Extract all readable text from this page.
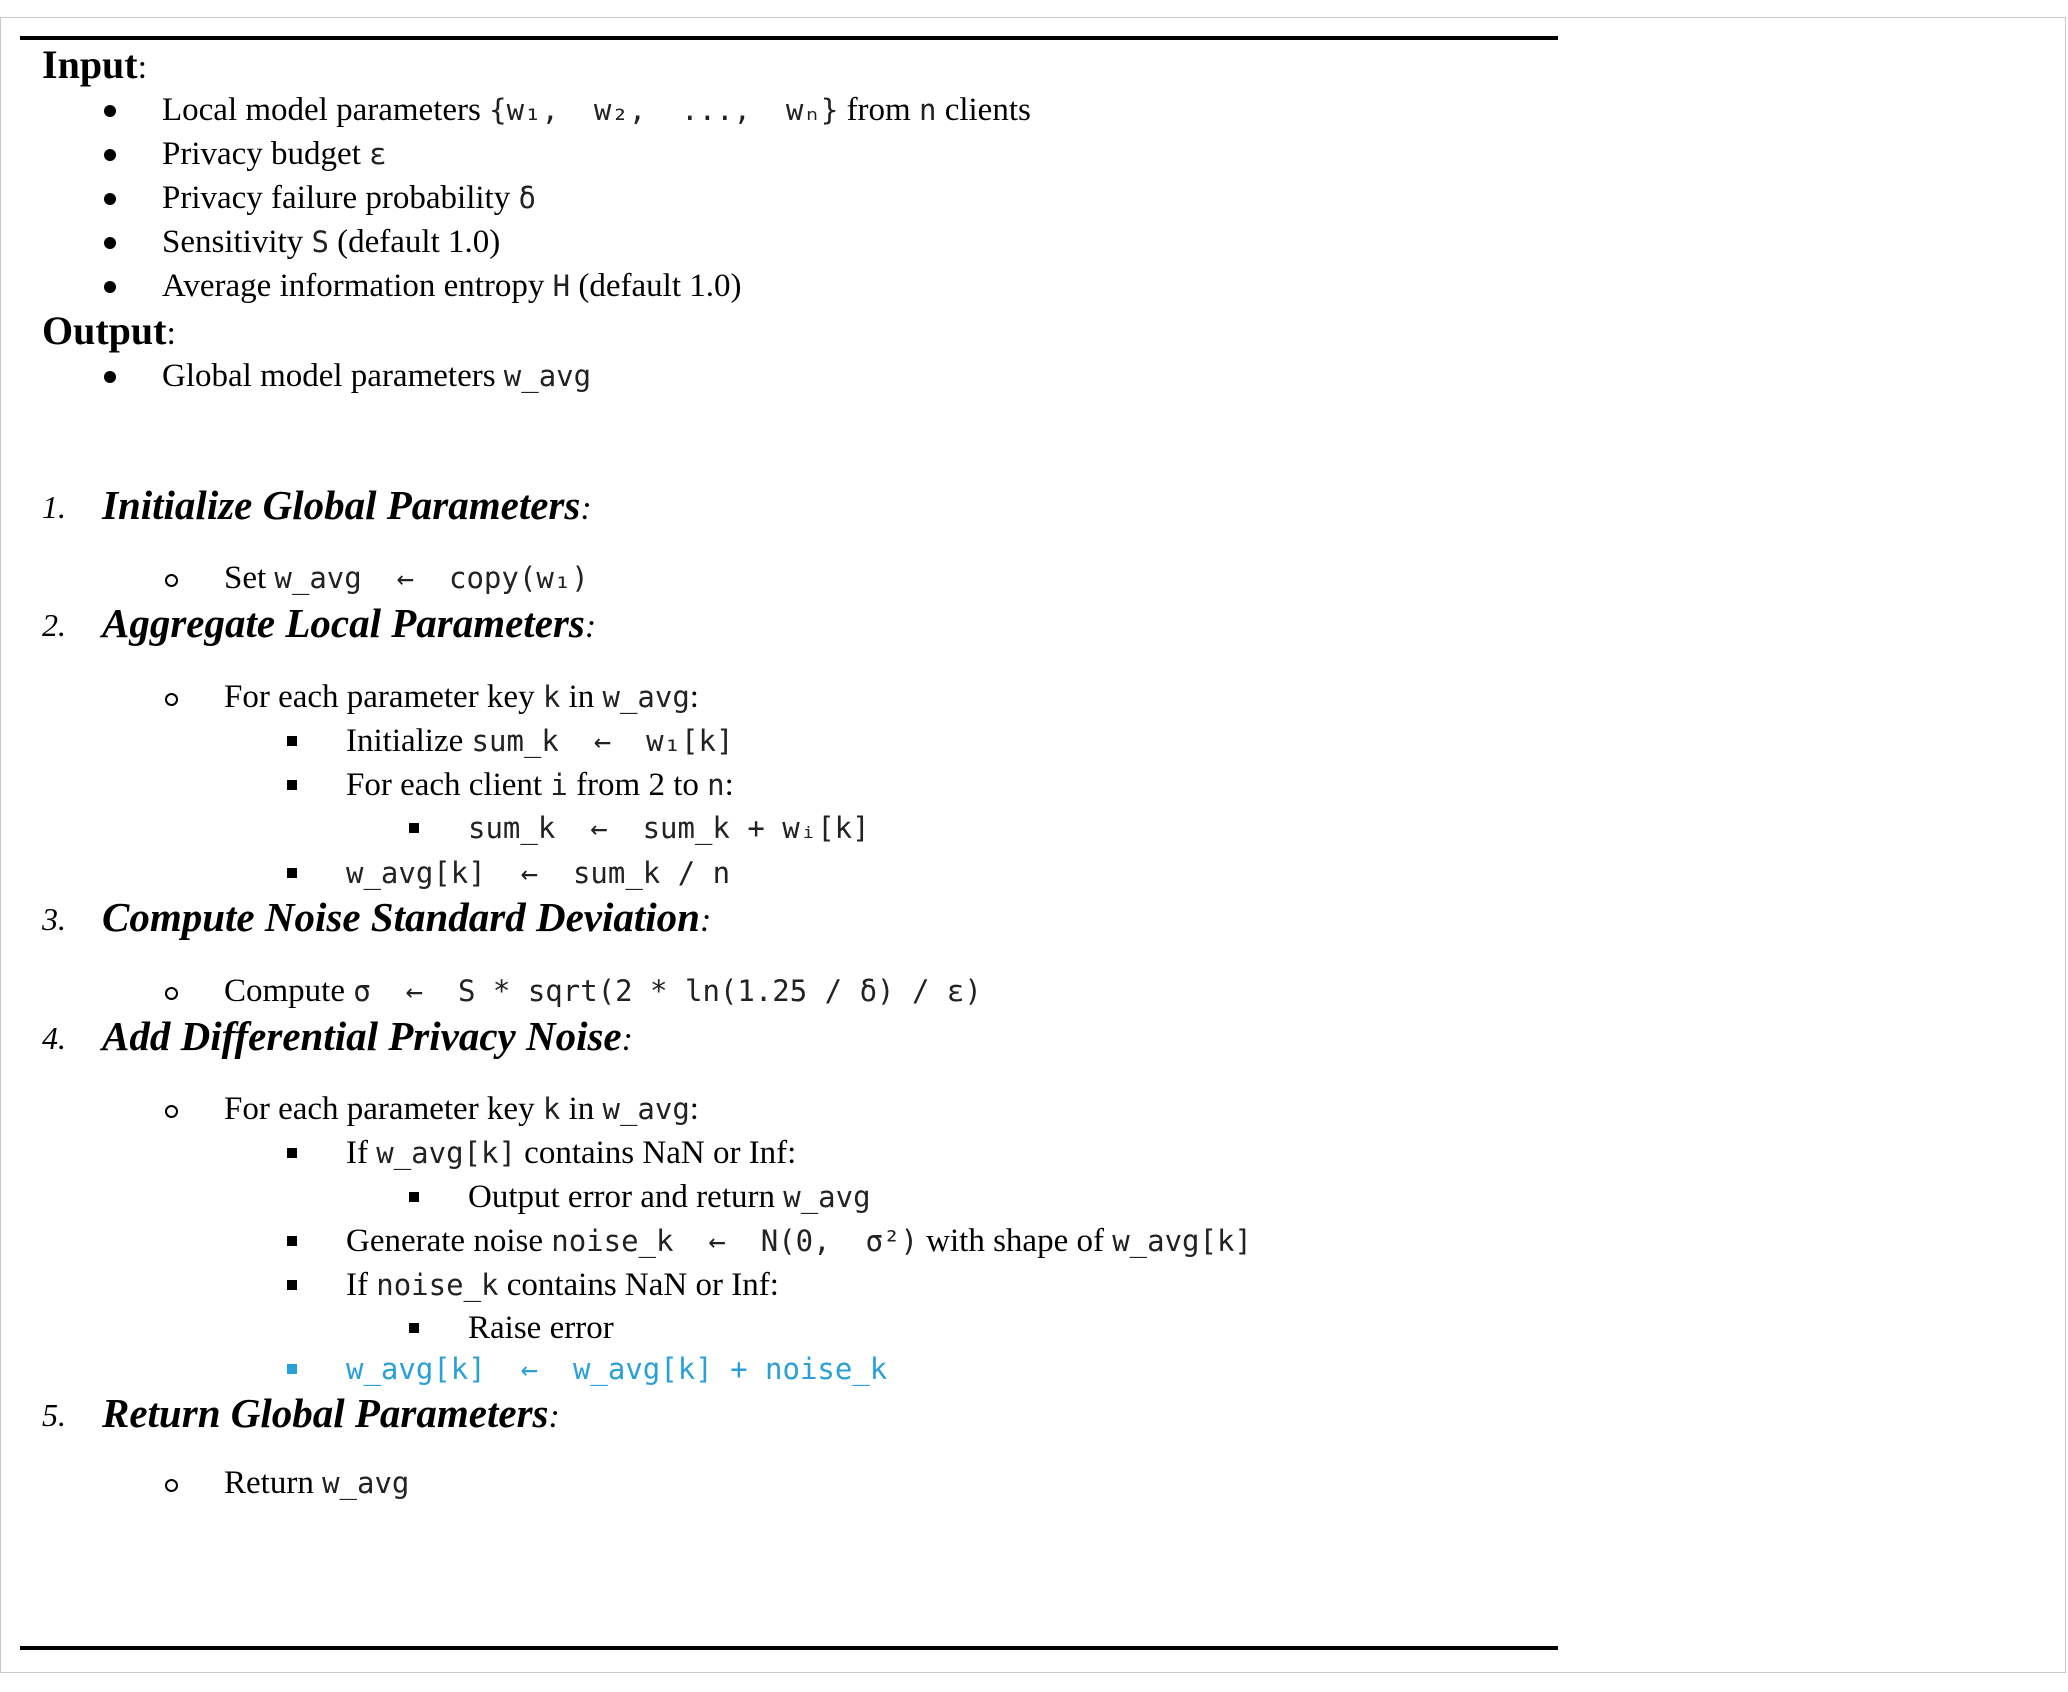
Input:
Local model parameters {w₁,  w₂,  ...,  wₙ} from n clients
Privacy budget ε
Privacy failure probability δ
Sensitivity S (default 1.0)
Average information entropy H (default 1.0)
Output:
Global model parameters w_avg
1. Initialize Global Parameters:
Set w_avg  ←  copy(w₁)
2. Aggregate Local Parameters:
For each parameter key k in w_avg:
Initialize sum_k  ←  w₁[k]
For each client i from 2 to n:
sum_k  ←  sum_k + wᵢ[k]
w_avg[k]  ←  sum_k / n
3. Compute Noise Standard Deviation:
Compute σ  ←  S * sqrt(2 * ln(1.25 / δ) / ε)
4. Add Differential Privacy Noise:
For each parameter key k in w_avg:
If w_avg[k] contains NaN or Inf:
Output error and return w_avg
Generate noise noise_k  ←  N(0,  σ²) with shape of w_avg[k]
If noise_k contains NaN or Inf:
Raise error
w_avg[k]  ←  w_avg[k] + noise_k
5. Return Global Parameters:
Return w_avg
